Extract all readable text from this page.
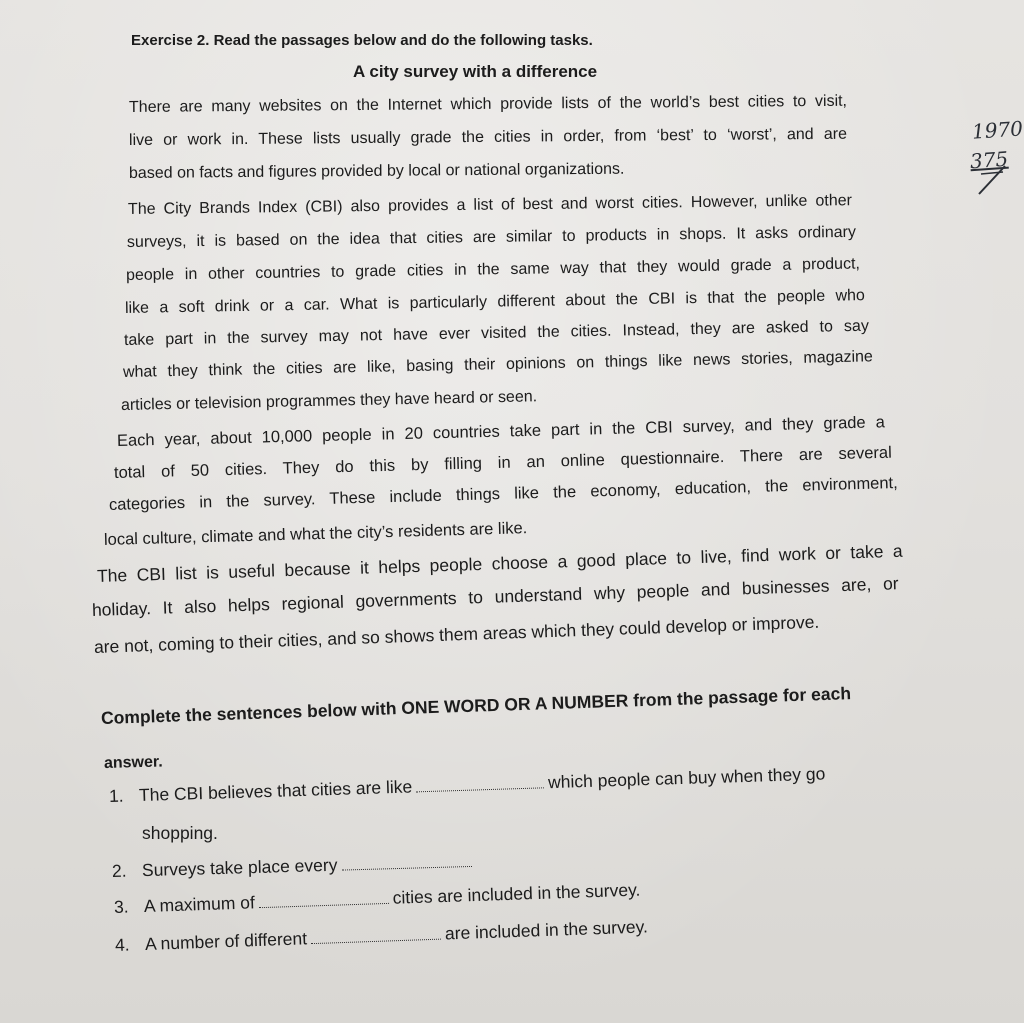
Exercise 2. Read the passages below and do the following tasks.
A city survey with a difference
There are many websites on the Internet which provide lists of the world’s best cities to visit,
live or work in. These lists usually grade the cities in order, from ‘best’ to ‘worst’, and are
based on facts and figures provided by local or national organizations.
The City Brands Index (CBI) also provides a list of best and worst cities. However, unlike other
surveys, it is based on the idea that cities are similar to products in shops. It asks ordinary
people in other countries to grade cities in the same way that they would grade a product,
like a soft drink or a car. What is particularly different about the CBI is that the people who
take part in the survey may not have ever visited the cities. Instead, they are asked to say
what they think the cities are like, basing their opinions on things like news stories, magazine
articles or television programmes they have heard or seen.
Each year, about 10,000 people in 20 countries take part in the CBI survey, and they grade a
total of 50 cities. They do this by filling in an online questionnaire. There are several
categories in the survey. These include things like the economy, education, the environment,
local culture, climate and what the city’s residents are like.
The CBI list is useful because it helps people choose a good place to live, find work or take a
holiday. It also helps regional governments to understand why people and businesses are, or
are not, coming to their cities, and so shows them areas which they could develop or improve.
Complete the sentences below with ONE WORD OR A NUMBER from the passage for each
answer.
1. The CBI believes that cities are like	which people can buy when they go
shopping.
2. Surveys take place every
3. A maximum of	cities are included in the survey.
4. A number of different	are included in the survey.
1970
375
